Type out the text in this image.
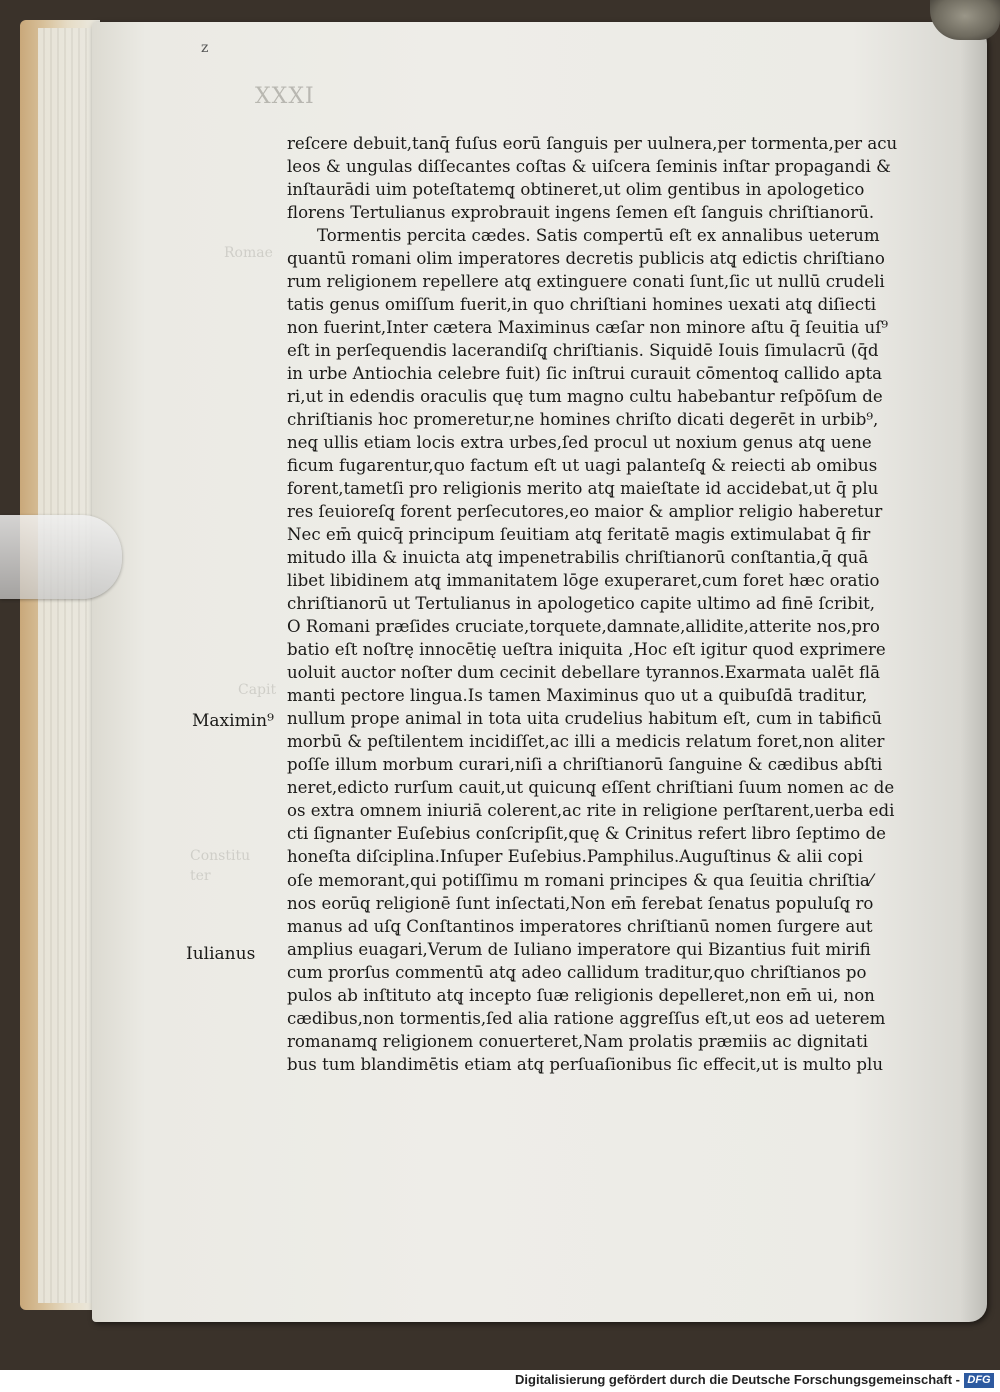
z
XXXI
Romae
Capit
Constitu
ter
Maximin⁹
Iulianus
reſcere debuit,tanq̄ fuſus eorū ſanguis per uulnera,per tormenta,per acu
leos & ungulas diſſecantes coſtas & uiſcera ſeminis inſtar propagandi &
inſtaurādi uim poteſtatemq̨ obtineret,ut olim gentibus in apologetico
florens Tertulianus exprobrauit ingens ſemen eſt ſanguis chriſtianorū.
Tormentis percita cædes. Satis compertū eſt ex annalibus ueterum
quantū romani olim imperatores decretis publicis atq̨ edictis chriſtiano
rum religionem repellere atq̨ extinguere conati ſunt,ſic ut nullū crudeli
tatis genus omiſſum fuerit,in quo chriſtiani homines uexati atq̨ diſiecti
non fuerint,Inter cætera Maximinus cæſar non minore aſtu q̄ ſeuitia uſ⁹
eſt in perſequendis lacerandiſq̨ chriſtianis. Siquidē Iouis ſimulacrū (q̄d
in urbe Antiochia celebre fuit) ſic inſtrui curauit cōmentoq̨ callido apta
ri,ut in edendis oraculis quę tum magno cultu habebantur reſpōſum de
chriſtianis hoc promeretur,ne homines chriſto dicati degerēt in urbib⁹,
neq̨ ullis etiam locis extra urbes,ſed procul ut noxium genus atq̨ uene
ficum fugarentur,quo factum eſt ut uagi palanteſq̨ & reiecti ab omibus
forent,tametſi pro religionis merito atq̨ maieſtate id accidebat,ut q̄ plu
res ſeuioreſq̨ forent perſecutores,eo maior & amplior religio haberetur
Nec em̄ quicq̄ principum ſeuitiam atq̨ feritatē magis extimulabat q̄ fir
mitudo illa & inuicta atq̨ impenetrabilis chriſtianorū conſtantia,q̄ quā
libet libidinem atq̨ immanitatem lōge exuperaret,cum foret hæc oratio
chriſtianorū ut Tertulianus in apologetico capite ultimo ad finē ſcribit,
O Romani præſides cruciate,torquete,damnate,allidite,atterite nos,pro
batio eſt noſtrę innocētię ueſtra iniquita ,Hoc eſt igitur quod exprimere
uoluit auctor noſter dum cecinit debellare tyrannos.Exarmata ualēt flā
manti pectore lingua.Is tamen Maximinus quo ut a quibuſdā traditur,
nullum prope animal in tota uita crudelius habitum eſt, cum in tabificū
morbū & peſtilentem incidiſſet,ac illi a medicis relatum foret,non aliter
poſſe illum morbum curari,niſi a chriſtianorū ſanguine & cædibus abſti
neret,edicto rurſum cauit,ut quicunq̨ eſſent chriſtiani ſuum nomen ac de
os extra omnem iniuriā colerent,ac rite in religione perſtarent,uerba edi
cti ſignanter Euſebius conſcripſit,quę & Crinitus refert libro ſeptimo de
honeſta diſciplina.Inſuper Euſebius.Pamphilus.Auguſtinus & alii copi
oſe memorant,qui potiſſimu m romani principes & qua ſeuitia chriſtia⁄
nos eorūq̨ religionē ſunt inſectati,Non em̄ ferebat ſenatus populuſq̨ ro
manus ad uſq̨ Conſtantinos imperatores chriſtianū nomen ſurgere aut
amplius euagari,Verum de Iuliano imperatore qui Bizantius fuit mirifi
cum prorſus commentū atq̨ adeo callidum traditur,quo chriſtianos po
pulos ab inſtituto atq̨ incepto ſuæ religionis depelleret,non em̄ ui, non
cædibus,non tormentis,ſed alia ratione aggreſſus eſt,ut eos ad ueterem
romanamq̨ religionem conuerteret,Nam prolatis præmiis ac dignitati
bus tum blandimētis etiam atq̨ perſuaſionibus ſic effecit,ut is multo plu
Digitalisierung gefördert durch die Deutsche Forschungsgemeinschaft - DFG
